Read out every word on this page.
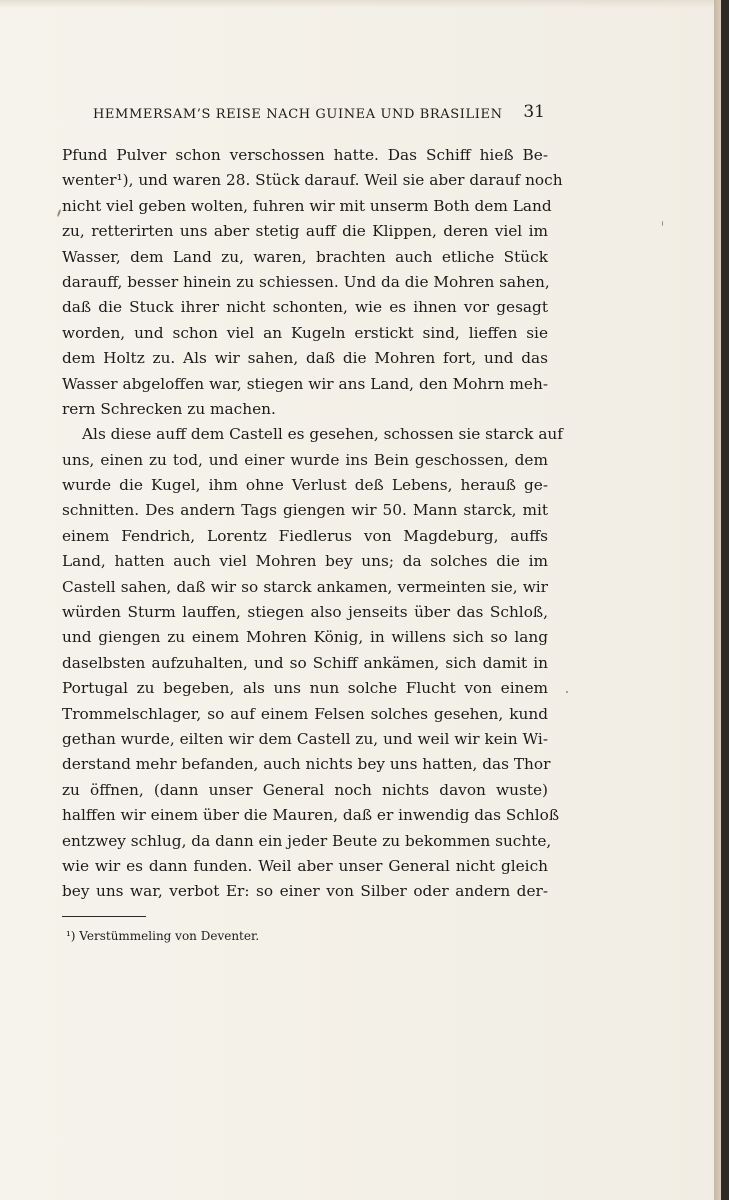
HEMMERSAM’S REISE NACH GUINEA UND BRASILIEN 31
Pfund Pulver schon verschossen hatte. Das Schiff hieß Be-
wenter¹), und waren 28. Stück darauf. Weil sie aber darauf noch
nicht viel geben wolten, fuhren wir mit unserm Both dem Land
zu, retterirten uns aber stetig auff die Klippen, deren viel im
Wasser, dem Land zu, waren, brachten auch etliche Stück
darauff, besser hinein zu schiessen. Und da die Mohren sahen,
daß die Stuck ihrer nicht schonten, wie es ihnen vor gesagt
worden, und schon viel an Kugeln erstickt sind, lieffen sie
dem Holtz zu. Als wir sahen, daß die Mohren fort, und das
Wasser abgeloffen war, stiegen wir ans Land, den Mohrn meh-
rern Schrecken zu machen.
Als diese auff dem Castell es gesehen, schossen sie starck auf
uns, einen zu tod, und einer wurde ins Bein geschossen, dem
wurde die Kugel, ihm ohne Verlust deß Lebens, herauß ge-
schnitten. Des andern Tags giengen wir 50. Mann starck, mit
einem Fendrich, Lorentz Fiedlerus von Magdeburg, auffs
Land, hatten auch viel Mohren bey uns; da solches die im
Castell sahen, daß wir so starck ankamen, vermeinten sie, wir
würden Sturm lauffen, stiegen also jenseits über das Schloß,
und giengen zu einem Mohren König, in willens sich so lang
daselbsten aufzuhalten, und so Schiff ankämen, sich damit in
Portugal zu begeben, als uns nun solche Flucht von einem
Trommelschlager, so auf einem Felsen solches gesehen, kund
gethan wurde, eilten wir dem Castell zu, und weil wir kein Wi-
derstand mehr befanden, auch nichts bey uns hatten, das Thor
zu öffnen, (dann unser General noch nichts davon wuste)
halffen wir einem über die Mauren, daß er inwendig das Schloß
entzwey schlug, da dann ein jeder Beute zu bekommen suchte,
wie wir es dann funden. Weil aber unser General nicht gleich
bey uns war, verbot Er: so einer von Silber oder andern der-
¹) Verstümmeling von Deventer.
